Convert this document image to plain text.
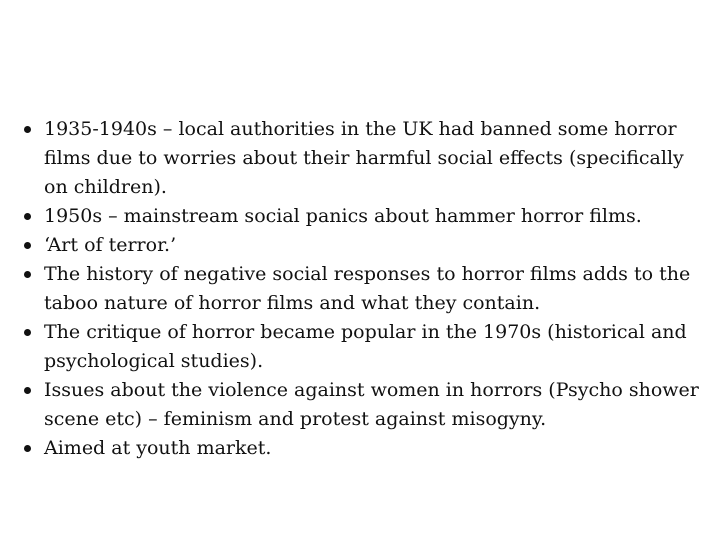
1935-1940s – local authorities in the UK had banned some horror films due to worries about their harmful social effects (specifically on children).
1950s – mainstream social panics about hammer horror films.
‘Art of terror.’
The history of negative social responses to horror films adds to the taboo nature of horror films and what they contain.
The critique of horror became popular in the 1970s (historical and psychological studies).
Issues about the violence against women in horrors (Psycho shower scene etc) – feminism and protest against misogyny.
Aimed at youth market.
